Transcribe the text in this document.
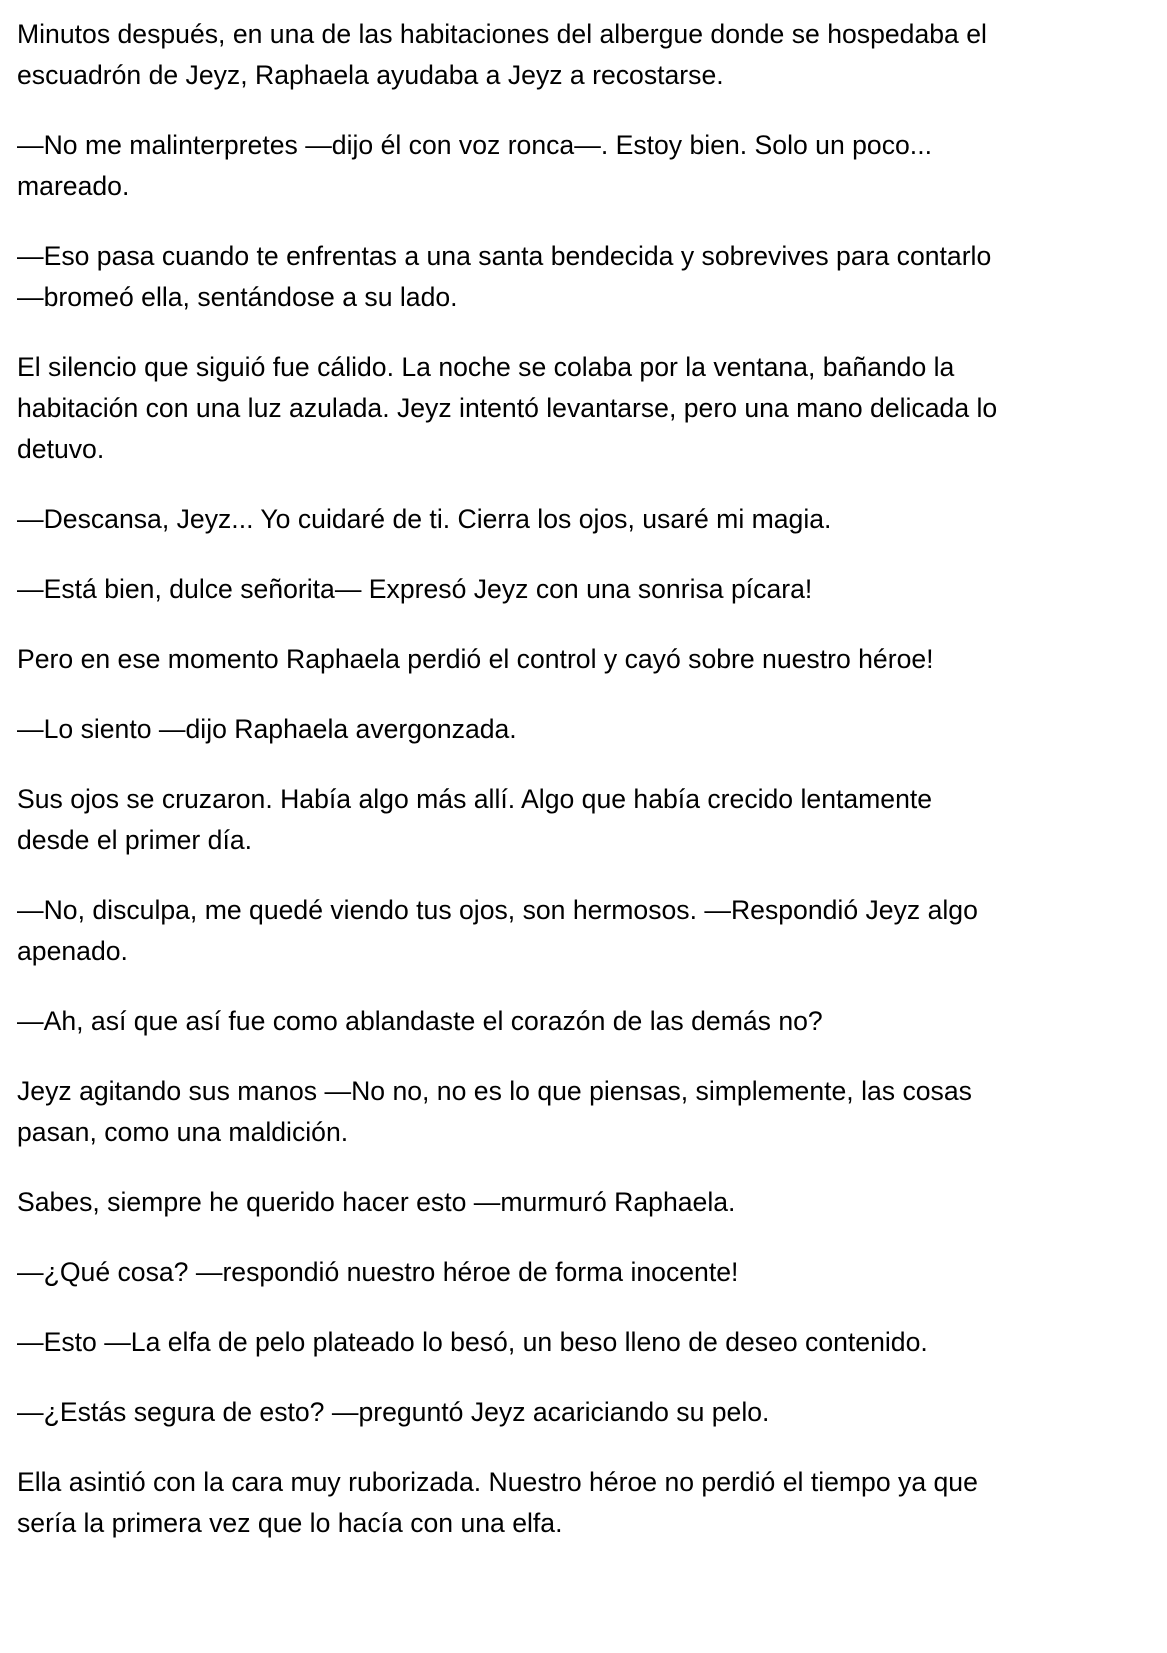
Minutos después, en una de las habitaciones del albergue donde se hospedaba el
escuadrón de Jeyz, Raphaela ayudaba a Jeyz a recostarse.

—No me malinterpretes —dijo él con voz ronca—. Estoy bien. Solo un poco...
mareado.

—Eso pasa cuando te enfrentas a una santa bendecida y sobrevives para contarlo
—bromeó ella, sentándose a su lado.

El silencio que siguió fue cálido. La noche se colaba por la ventana, bañando la
habitación con una luz azulada. Jeyz intentó levantarse, pero una mano delicada lo
detuvo.

—Descansa, Jeyz... Yo cuidaré de ti. Cierra los ojos, usaré mi magia.

—Está bien, dulce señorita— Expresó Jeyz con una sonrisa pícara!

Pero en ese momento Raphaela perdió el control y cayó sobre nuestro héroe!

—Lo siento —dijo Raphaela avergonzada.

Sus ojos se cruzaron. Había algo más allí. Algo que había crecido lentamente
desde el primer día.

—No, disculpa, me quedé viendo tus ojos, son hermosos. —Respondió Jeyz algo
apenado.

—Ah, así que así fue como ablandaste el corazón de las demás no?

Jeyz agitando sus manos —No no, no es lo que piensas, simplemente, las cosas
pasan, como una maldición.

Sabes, siempre he querido hacer esto —murmuró Raphaela.

—¿Qué cosa? —respondió nuestro héroe de forma inocente!

—Esto —La elfa de pelo plateado lo besó, un beso lleno de deseo contenido.

—¿Estás segura de esto? —preguntó Jeyz acariciando su pelo.

Ella asintió con la cara muy ruborizada. Nuestro héroe no perdió el tiempo ya que
sería la primera vez que lo hacía con una elfa.
